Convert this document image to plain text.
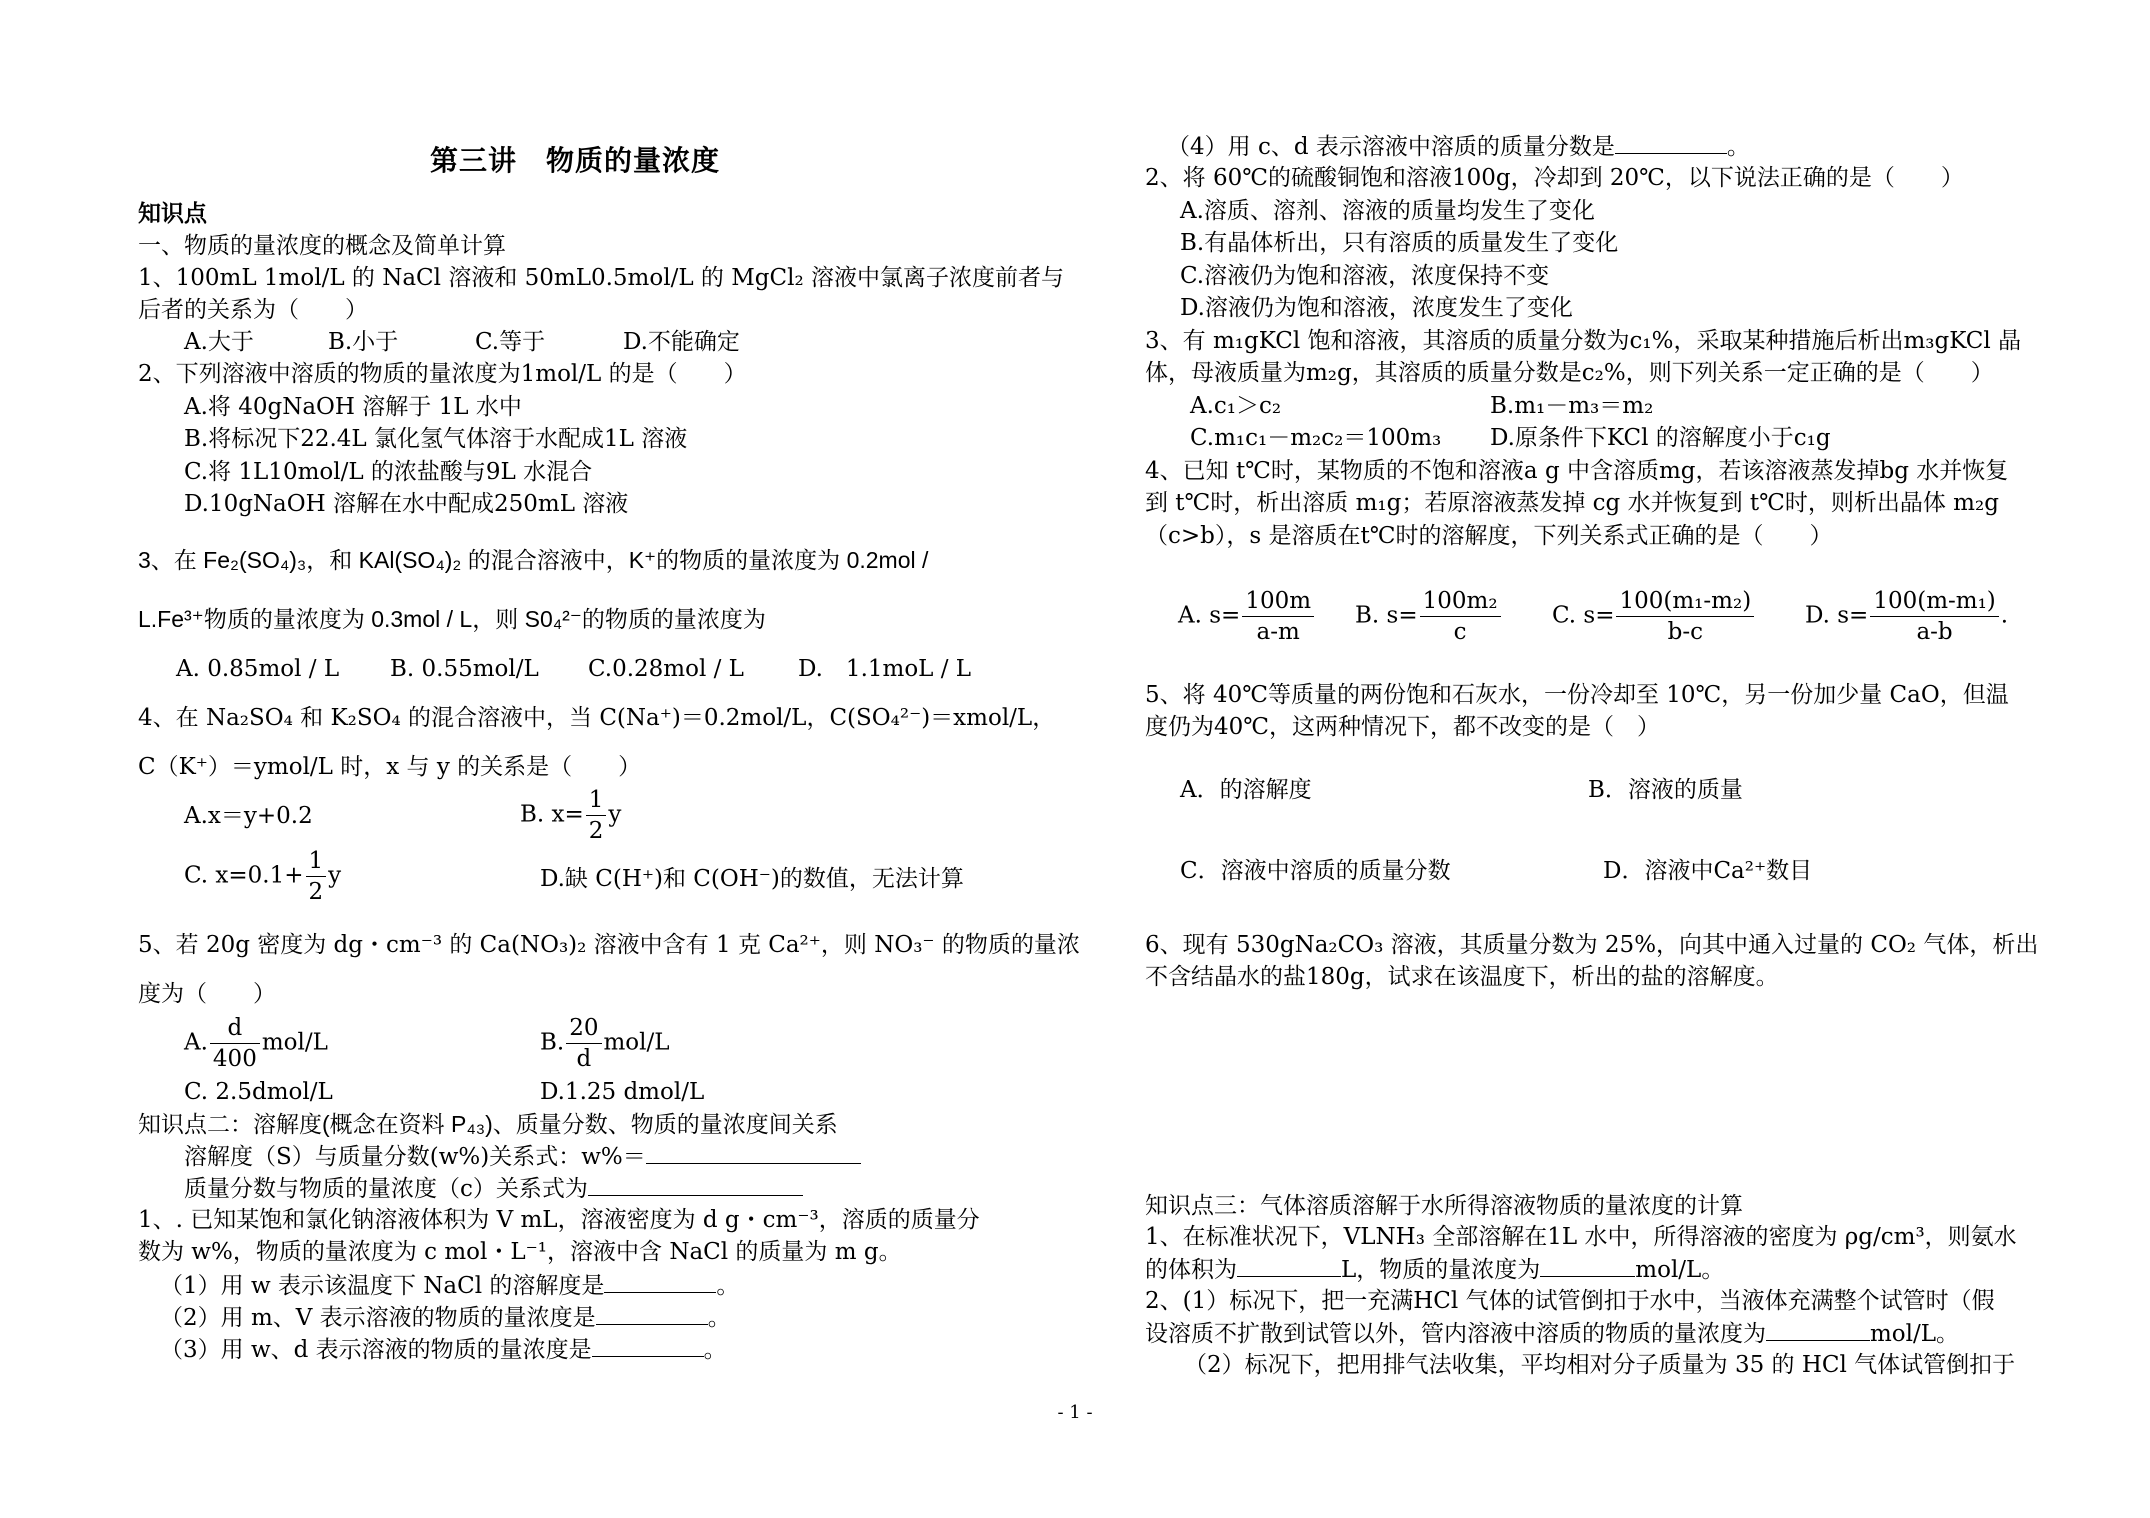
第三讲　物质的量浓度
知识点
一、物质的量浓度的概念及简单计算
1、100mL 1mol/L 的 NaCl 溶液和 50mL0.5mol/L 的 MgCl₂ 溶液中氯离子浓度前者与
后者的关系为（　　）
A.大于	B.小于	C.等于	D.不能确定
2、下列溶液中溶质的物质的量浓度为1mol/L 的是（　　）
A.将 40gNaOH 溶解于 1L 水中
B.将标况下22.4L 氯化氢气体溶于水配成1L 溶液
C.将 1L10mol/L 的浓盐酸与9L 水混合
D.10gNaOH 溶解在水中配成250mL 溶液
3、在 Fe₂(SO₄)₃，和 KAl(SO₄)₂ 的混合溶液中，K⁺的物质的量浓度为 0.2mol /
L.Fe³⁺物质的量浓度为 0.3mol / L，则 S0₄²⁻的物质的量浓度为
A. 0.85mol / L B. 0.55mol/L C.0.28mol / L D.　1.1moL / L
4、在 Na₂SO₄ 和 K₂SO₄ 的混合溶液中，当 C(Na⁺)＝0.2mol/L，C(SO₄²⁻)＝xmol/L，
C（K⁺）＝ymol/L 时，x 与 y 的关系是（　　）
A.x＝y+0.2	B. $x= \frac{1}{2}$ y
C. $x=0.1+ \frac{1}{2}$ y	D.缺 C(H⁺)和 C(OH⁻)的数值，无法计算
5、若 20g 密度为 dg・cm⁻³ 的 Ca(NO₃)₂ 溶液中含有 1 克 Ca²⁺，则 NO₃⁻ 的物质的量浓
度为（　　）
A. $\frac{d}{400} mol/L$	B. $\frac{20}{d} mol/L$
C. 2.5dmol/L	D.1.25 dmol/L
知识点二：溶解度(概念在资料 P₄₃)、质量分数、物质的量浓度间关系
溶解度（S）与质量分数(w%)关系式：w%＝
质量分数与物质的量浓度（c）关系式为
1、. 已知某饱和氯化钠溶液体积为 V mL，溶液密度为 d g・cm⁻³，溶质的质量分
数为 w%，物质的量浓度为 c mol・L⁻¹，溶液中含 NaCl 的质量为 m g。
（1）用 w 表示该温度下 NaCl 的溶解度是	。
（2）用 m、V 表示溶液的物质的量浓度是	。
（3）用 w、d 表示溶液的物质的量浓度是	。
（4）用 c、d 表示溶液中溶质的质量分数是	。
2、将 60℃的硫酸铜饱和溶液100g，冷却到 20℃，以下说法正确的是（　　）
A.溶质、溶剂、溶液的质量均发生了变化
B.有晶体析出，只有溶质的质量发生了变化
C.溶液仍为饱和溶液，浓度保持不变
D.溶液仍为饱和溶液，浓度发生了变化
3、有 m₁gKCl 饱和溶液，其溶质的质量分数为c₁%，采取某种措施后析出m₃gKCl 晶
体，母液质量为m₂g，其溶质的质量分数是c₂%，则下列关系一定正确的是（　　）
A.c₁＞c₂	B.m₁－m₃＝m₂
C.m₁c₁－m₂c₂＝100m₃ D.原条件下KCl 的溶解度小于c₁g
4、已知 t℃时，某物质的不饱和溶液a g 中含溶质mg，若该溶液蒸发掉bg 水并恢复
到 t℃时，析出溶质 m₁g；若原溶液蒸发掉 cg 水并恢复到 t℃时，则析出晶体 m₂g
（c>b），s 是溶质在t℃时的溶解度，下列关系式正确的是（　　）
A. $s= \frac{100m}{a-m} B$. $s= \frac{\text{100m₂}}{c} C$. $s= \frac{\text{100(m₁-m₂)}}{b-c} D$. $s= \frac{\text{100(m-m₁)}}{a-b}$ .
5、将 40℃等质量的两份饱和石灰水，一份冷却至 10℃，另一份加少量 CaO，但温
度仍为40℃，这两种情况下，都不改变的是（　）
A．的溶解度	B．溶液的质量
C．溶液中溶质的质量分数	D．溶液中Ca²⁺数目
6、现有 530gNa₂CO₃ 溶液，其质量分数为 25%，向其中通入过量的 CO₂ 气体，析出
不含结晶水的盐180g，试求在该温度下，析出的盐的溶解度。
知识点三：气体溶质溶解于水所得溶液物质的量浓度的计算
1、在标准状况下，VLNH₃ 全部溶解在1L 水中，所得溶液的密度为 ρg/cm³，则氨水
的体积为	L，物质的量浓度为	mol/L。
2、(1）标况下，把一充满HCl 气体的试管倒扣于水中，当液体充满整个试管时（假
设溶质不扩散到试管以外，管内溶液中溶质的物质的量浓度为	mol/L。
（2）标况下，把用排气法收集，平均相对分子质量为 35 的 HCl 气体试管倒扣于
- 1 -
